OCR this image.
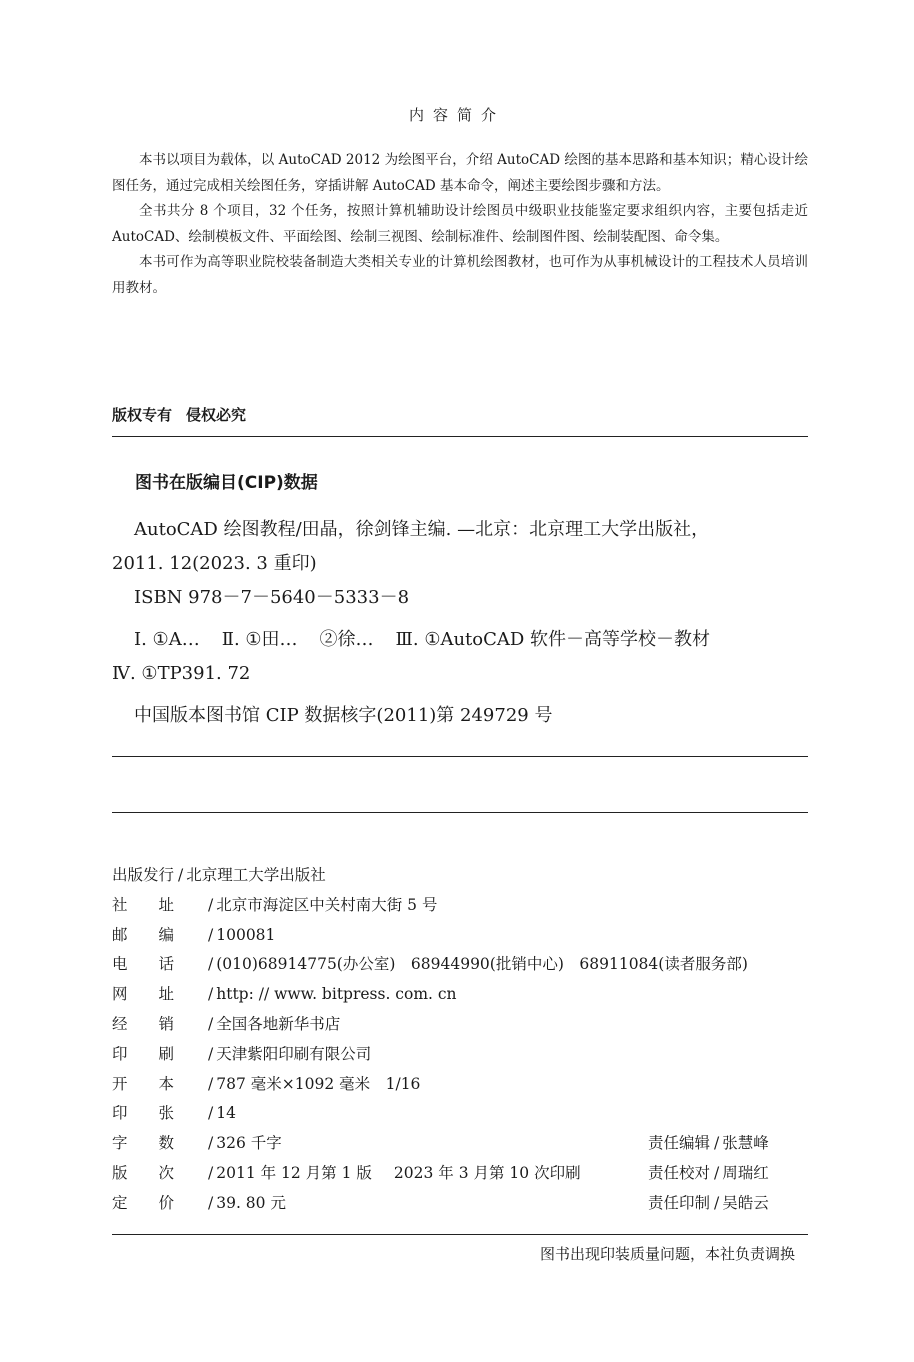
内容简介

本书以项目为载体，以 AutoCAD 2012 为绘图平台，介绍 AutoCAD 绘图的基本思路和基本知识；精心设计绘图任务，通过完成相关绘图任务，穿插讲解 AutoCAD 基本命令，阐述主要绘图步骤和方法。

全书共分 8 个项目，32 个任务，按照计算机辅助设计绘图员中级职业技能鉴定要求组织内容，主要包括走近 AutoCAD、绘制模板文件、平面绘图、绘制三视图、绘制标准件、绘制图件图、绘制装配图、命令集。

本书可作为高等职业院校装备制造大类相关专业的计算机绘图教材，也可作为从事机械设计的工程技术人员培训用教材。

版权专有 侵权必究
图书在版编目(CIP)数据
AutoCAD 绘图教程/田晶，徐剑锋主编. —北京：北京理工大学出版社，
2011. 12(2023. 3 重印)
ISBN 978－7－5640－5333－8
Ⅰ. ①A… Ⅱ. ①田… ②徐… Ⅲ. ①AutoCAD 软件－高等学校－教材
Ⅳ. ①TP391. 72
中国版本图书馆 CIP 数据核字(2011)第 249729 号
出版发行 / 北京理工大学出版社
社　　址 / 北京市海淀区中关村南大街 5 号
邮　　编 / 100081
电　　话 / (010)68914775(办公室)　68944990(批销中心)　68911084(读者服务部)
网　　址 / http: // www. bitpress. com. cn
经　　销 / 全国各地新华书店
印　　刷 / 天津紫阳印刷有限公司
开　　本 / 787 毫米×1092 毫米　1/16
印　　张 / 14
字　　数 / 326 千字	责任编辑 / 张慧峰
版　　次 / 2011 年 12 月第 1 版 2023 年 3 月第 10 次印刷	责任校对 / 周瑞红
定　　价 / 39. 80 元	责任印制 / 吴皓云
图书出现印装质量问题，本社负责调换
